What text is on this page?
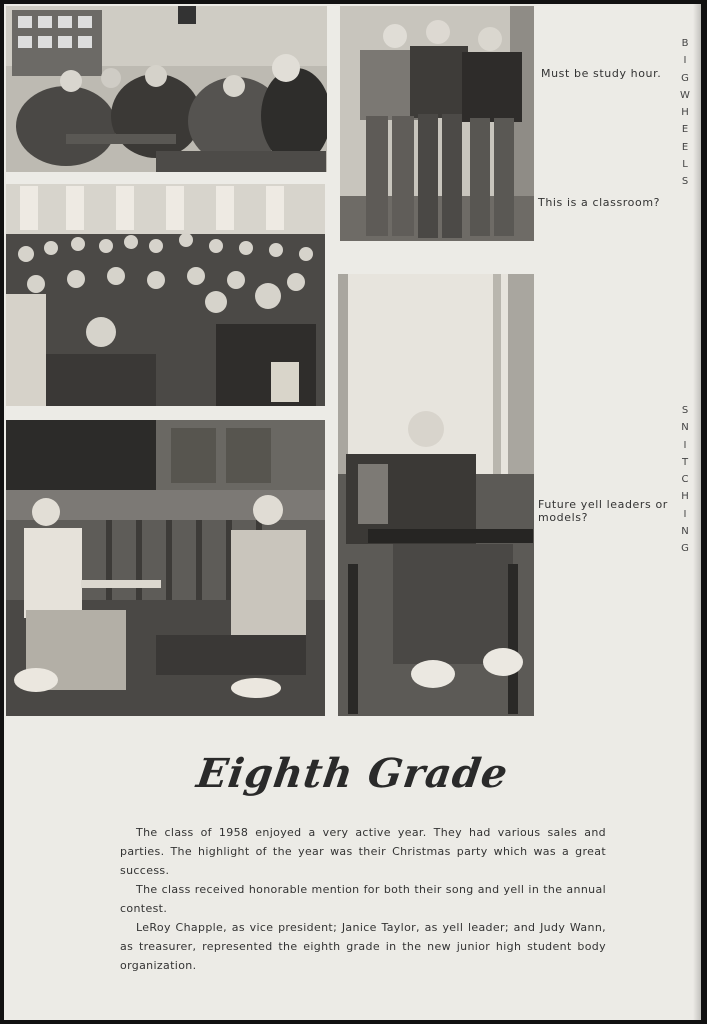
Must be study hour.
This is a classroom?
B
I
G
W
H
E
E
L
S
Future yell leaders or models?
S
N
I
T
C
H
I
N
G
Eighth Grade

The class of 1958 enjoyed a very active year. They had various sales and parties. The highlight of the year was their Christmas party which was a great success.

The class received honorable mention for both their song and yell in the annual contest.

LeRoy Chapple, as vice president; Janice Taylor, as yell leader; and Judy Wann, as treasurer, represented the eighth grade in the new junior high student body organization.
